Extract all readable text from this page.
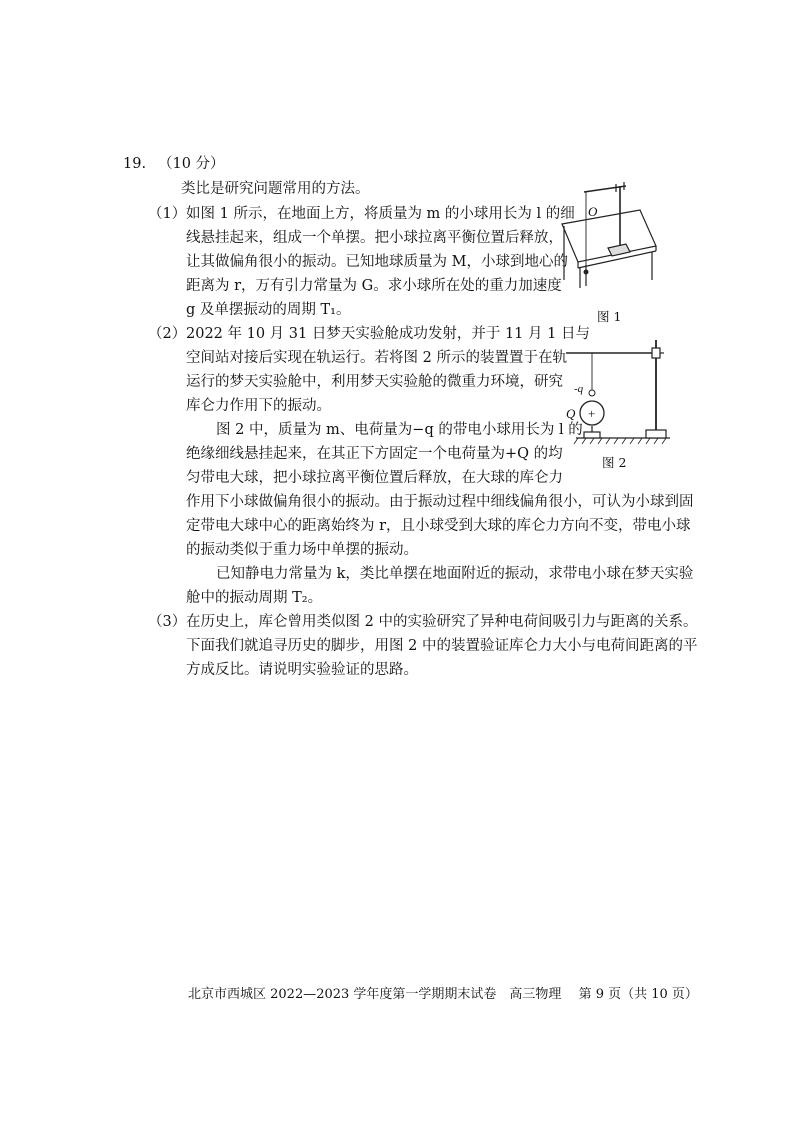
19. （10 分）
类比是研究问题常用的方法。
（1） 如图 1 所示，在地面上方，将质量为 m 的小球用长为 l 的细
线悬挂起来，组成一个单摆。把小球拉离平衡位置后释放，
让其做偏角很小的振动。已知地球质量为 M，小球到地心的
距离为 r，万有引力常量为 G。求小球所在处的重力加速度
g 及单摆振动的周期 T₁。
（2） 2022 年 10 月 31 日梦天实验舱成功发射，并于 11 月 1 日与
空间站对接后实现在轨运行。若将图 2 所示的装置置于在轨
运行的梦天实验舱中，利用梦天实验舱的微重力环境，研究
库仑力作用下的振动。
图 2 中，质量为 m、电荷量为−q 的带电小球用长为 l 的
绝缘细线悬挂起来，在其正下方固定一个电荷量为+Q 的均
匀带电大球，把小球拉离平衡位置后释放，在大球的库仑力
作用下小球做偏角很小的振动。由于振动过程中细线偏角很小，可认为小球到固
定带电大球中心的距离始终为 r，且小球受到大球的库仑力方向不变，带电小球
的振动类似于重力场中单摆的振动。
已知静电力常量为 k，类比单摆在地面附近的振动，求带电小球在梦天实验
舱中的振动周期 T₂。
（3） 在历史上，库仑曾用类似图 2 中的实验研究了异种电荷间吸引力与距离的关系。
下面我们就追寻历史的脚步，用图 2 中的装置验证库仑力大小与电荷间距离的平
方成反比。请说明实验验证的思路。
O
图 1
+
-q
Q
图 2
北京市西城区 2022—2023 学年度第一学期期末试卷　高三物理　 第 9 页（共 10 页）
